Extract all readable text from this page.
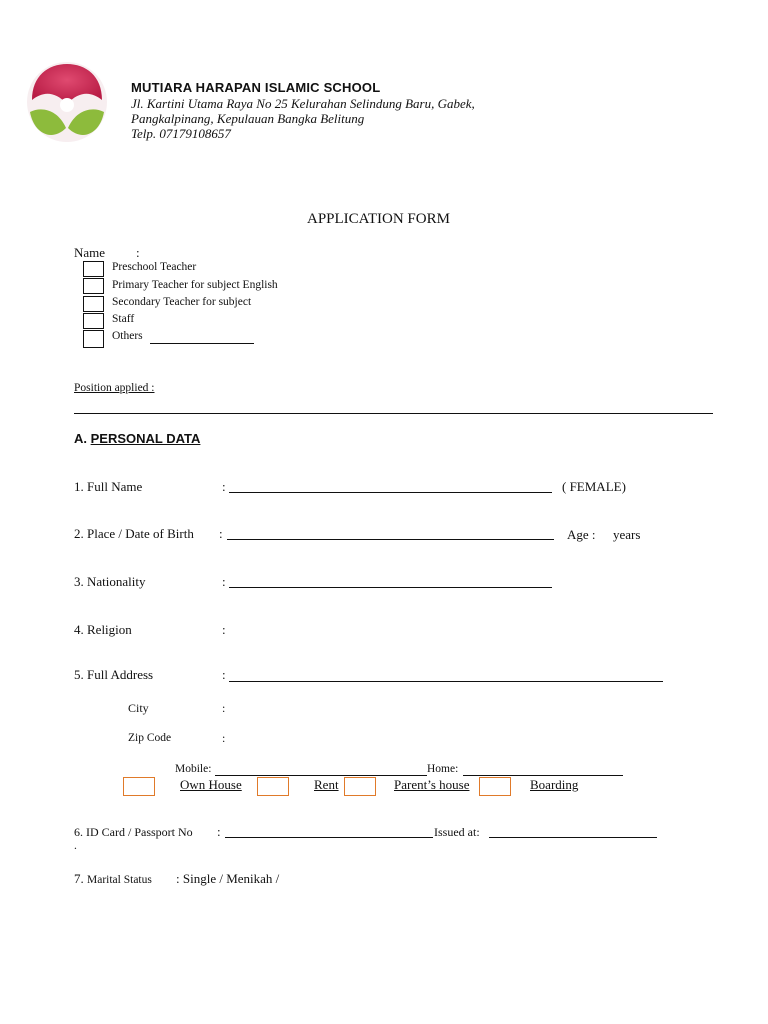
MUTIARA HARAPAN ISLAMIC SCHOOL
Jl. Kartini Utama Raya No 25 Kelurahan Selindung Baru, Gabek,
Pangkalpinang, Kepulauan Bangka Belitung
Telp. 07179108657
APPLICATION FORM
Name :
Preschool Teacher
Primary Teacher for subject English
Secondary Teacher for subject
Staff
Others
Position applied :
A. PERSONAL DATA
1. Full Name	:	( FEMALE)
2. Place / Date of Birth :	Age : years
3. Nationality	:
4. Religion	:
5. Full Address	:
City	:
Zip Code	:
Mobile:	Home:
Own House	Rent	Parent’s house	Boarding
6. ID Card / Passport No :	Issued at:
.
7. Marital Status : Single / Menikah /
